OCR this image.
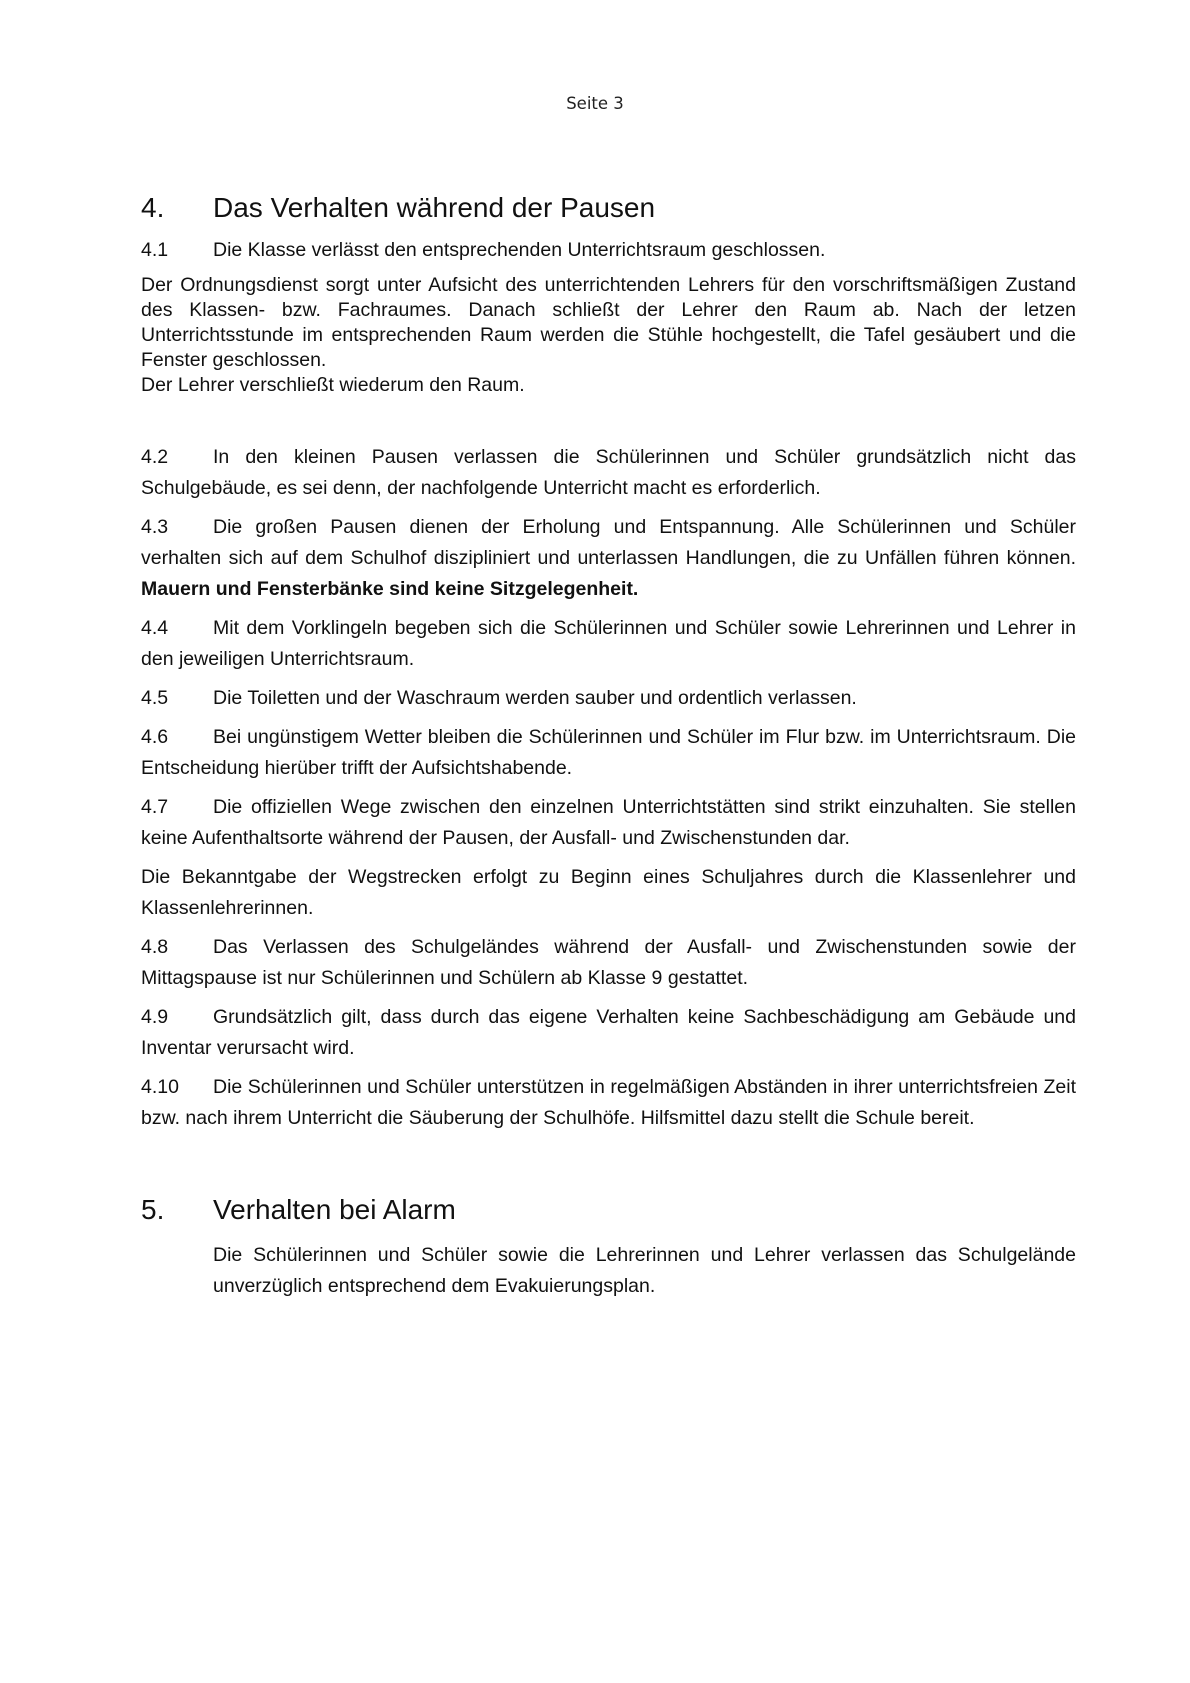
Seite 3
4.	Das Verhalten während der Pausen

4.1 Die Klasse verlässt den entsprechenden Unterrichtsraum geschlossen.

Der Ordnungsdienst sorgt unter Aufsicht des unterrichtenden Lehrers für den vorschriftsmäßigen Zustand des Klassen- bzw. Fachraumes. Danach schließt der Lehrer den Raum ab. Nach der letzen Unterrichtsstunde im entsprechenden Raum werden die Stühle hochgestellt, die Tafel gesäubert und die Fenster geschlossen.
Der Lehrer verschließt wiederum den Raum.

4.2 In den kleinen Pausen verlassen die Schülerinnen und Schüler grundsätzlich nicht das Schulgebäude, es sei denn, der nachfolgende Unterricht macht es erforderlich.

4.3 Die großen Pausen dienen der Erholung und Entspannung. Alle Schülerinnen und Schüler verhalten sich auf dem Schulhof diszipliniert und unterlassen Handlungen, die zu Unfällen führen können. Mauern und Fensterbänke sind keine Sitzgelegenheit.

4.4 Mit dem Vorklingeln begeben sich die Schülerinnen und Schüler sowie Lehrerinnen und Lehrer in den jeweiligen Unterrichtsraum.

4.5 Die Toiletten und der Waschraum werden sauber und ordentlich verlassen.

4.6 Bei ungünstigem Wetter bleiben die Schülerinnen und Schüler im Flur bzw. im Unterrichtsraum. Die Entscheidung hierüber trifft der Aufsichtshabende.

4.7 Die offiziellen Wege zwischen den einzelnen Unterrichtstätten sind strikt einzuhalten. Sie stellen keine Aufenthaltsorte während der Pausen, der Ausfall- und Zwischenstunden dar.

Die Bekanntgabe der Wegstrecken erfolgt zu Beginn eines Schuljahres durch die Klassenlehrer und Klassenlehrerinnen.

4.8 Das Verlassen des Schulgeländes während der Ausfall- und Zwischenstunden sowie der Mittagspause ist nur Schülerinnen und Schülern ab Klasse 9 gestattet.

4.9 Grundsätzlich gilt, dass durch das eigene Verhalten keine Sachbeschädigung am Gebäude und Inventar verursacht wird.

4.10 Die Schülerinnen und Schüler unterstützen in regelmäßigen Abständen in ihrer unterrichtsfreien Zeit bzw. nach ihrem Unterricht die Säuberung der Schulhöfe. Hilfsmittel dazu stellt die Schule bereit.

5.	Verhalten bei Alarm

Die Schülerinnen und Schüler sowie die Lehrerinnen und Lehrer verlassen das Schulgelände unverzüglich entsprechend dem Evakuierungsplan.
